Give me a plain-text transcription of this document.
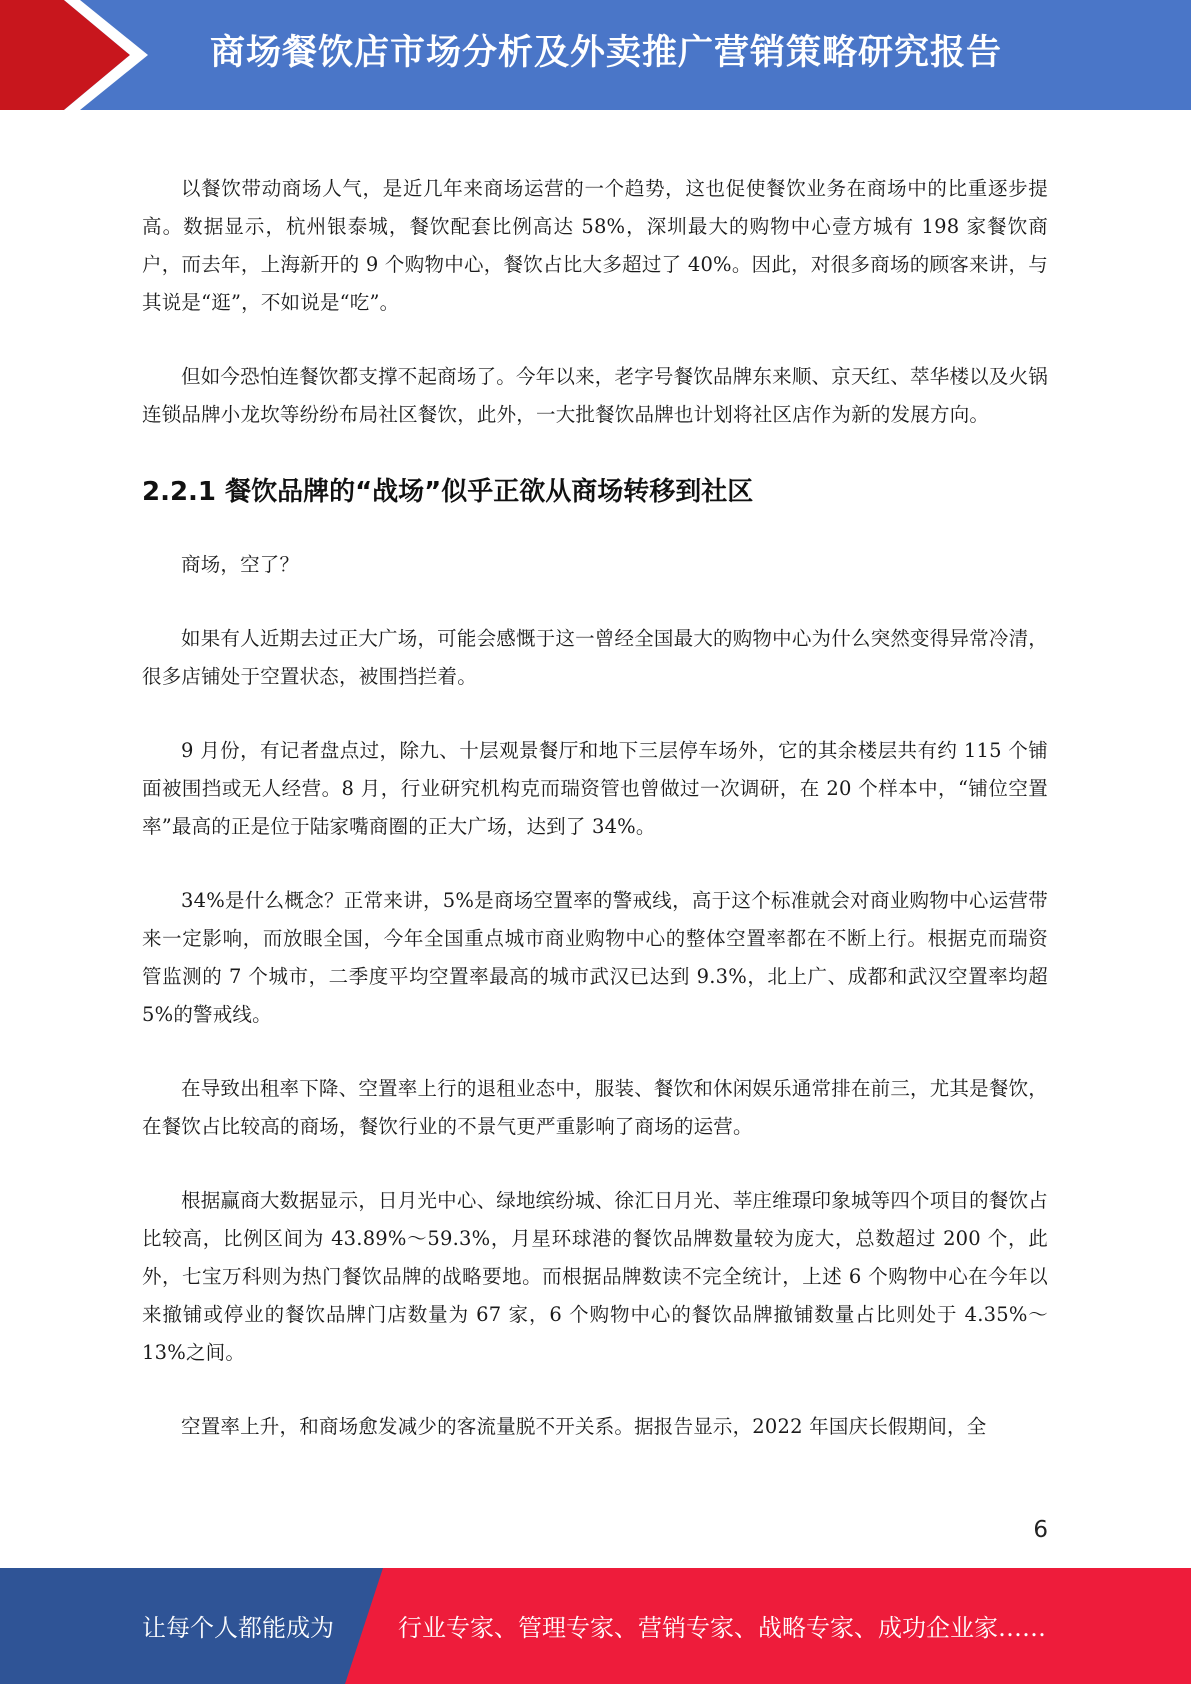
商场餐饮店市场分析及外卖推广营销策略研究报告

以餐饮带动商场人气，是近几年来商场运营的一个趋势，这也促使餐饮业务在商场中的比重逐步提高。数据显示，杭州银泰城，餐饮配套比例高达 58%，深圳最大的购物中心壹方城有 198 家餐饮商户，而去年，上海新开的 9 个购物中心，餐饮占比大多超过了 40%。因此，对很多商场的顾客来讲，与其说是“逛”，不如说是“吃”。

但如今恐怕连餐饮都支撑不起商场了。今年以来，老字号餐饮品牌东来顺、京天红、萃华楼以及火锅连锁品牌小龙坎等纷纷布局社区餐饮，此外，一大批餐饮品牌也计划将社区店作为新的发展方向。

2.2.1 餐饮品牌的“战场”似乎正欲从商场转移到社区

商场，空了？

如果有人近期去过正大广场，可能会感慨于这一曾经全国最大的购物中心为什么突然变得异常冷清，很多店铺处于空置状态，被围挡拦着。

9 月份，有记者盘点过，除九、十层观景餐厅和地下三层停车场外，它的其余楼层共有约 115 个铺面被围挡或无人经营。8 月，行业研究机构克而瑞资管也曾做过一次调研，在 20 个样本中，“铺位空置率”最高的正是位于陆家嘴商圈的正大广场，达到了 34%。

34%是什么概念？正常来讲，5%是商场空置率的警戒线，高于这个标准就会对商业购物中心运营带来一定影响，而放眼全国，今年全国重点城市商业购物中心的整体空置率都在不断上行。根据克而瑞资管监测的 7 个城市，二季度平均空置率最高的城市武汉已达到 9.3%，北上广、成都和武汉空置率均超 5%的警戒线。

在导致出租率下降、空置率上行的退租业态中，服装、餐饮和休闲娱乐通常排在前三，尤其是餐饮，在餐饮占比较高的商场，餐饮行业的不景气更严重影响了商场的运营。

根据赢商大数据显示，日月光中心、绿地缤纷城、徐汇日月光、莘庄维璟印象城等四个项目的餐饮占比较高，比例区间为 43.89%～59.3%，月星环球港的餐饮品牌数量较为庞大，总数超过 200 个，此外，七宝万科则为热门餐饮品牌的战略要地。而根据品牌数读不完全统计，上述 6 个购物中心在今年以来撤铺或停业的餐饮品牌门店数量为 67 家，6 个购物中心的餐饮品牌撤铺数量占比则处于 4.35%～13%之间。

空置率上升，和商场愈发减少的客流量脱不开关系。据报告显示，2022 年国庆长假期间，全

6
让每个人都能成为	行业专家、管理专家、营销专家、战略专家、成功企业家……
